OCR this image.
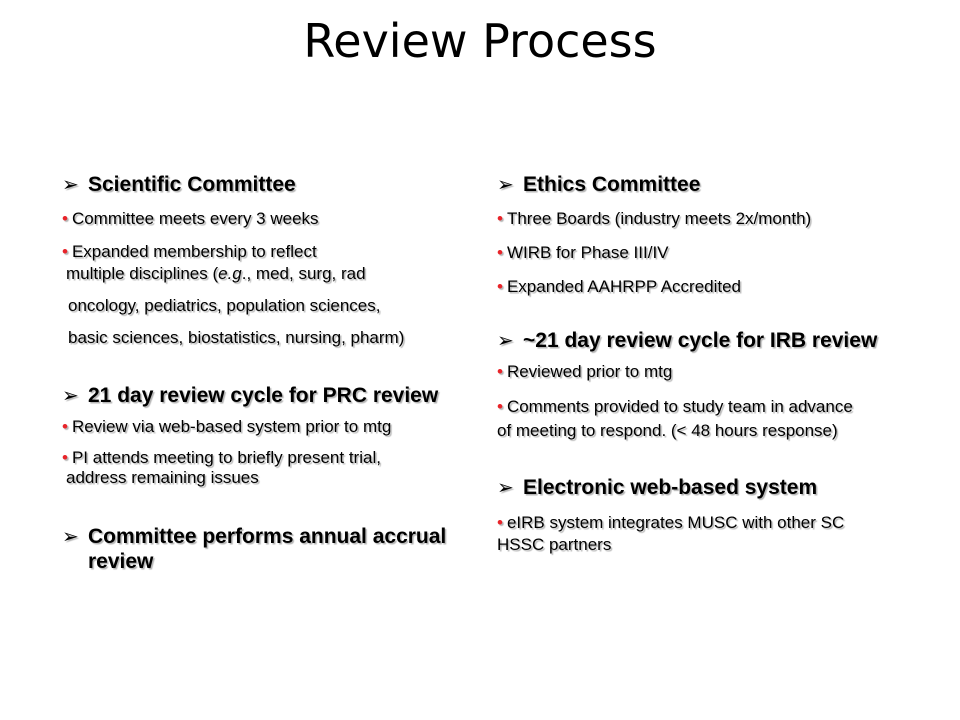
Review Process
➢ Scientific Committee
• Committee meets every 3 weeks
• Expanded membership to reflect
multiple disciplines (e.g., med, surg, rad
oncology, pediatrics, population sciences,
basic sciences, biostatistics, nursing, pharm)
➢ 21 day review cycle for PRC review
• Review via web-based system prior to mtg
• PI attends meeting to briefly present trial,
address remaining issues
➢ Committee performs annual accrual review
➢ Ethics Committee
• Three Boards (industry meets 2x/month)
• WIRB for Phase III/IV
• Expanded AAHRPP Accredited
➢ ~21 day review cycle for IRB review
• Reviewed prior to mtg
• Comments provided to study team in advance
of meeting to respond. (< 48 hours response)
➢ Electronic web-based system
• eIRB system integrates MUSC with other SC
HSSC partners
